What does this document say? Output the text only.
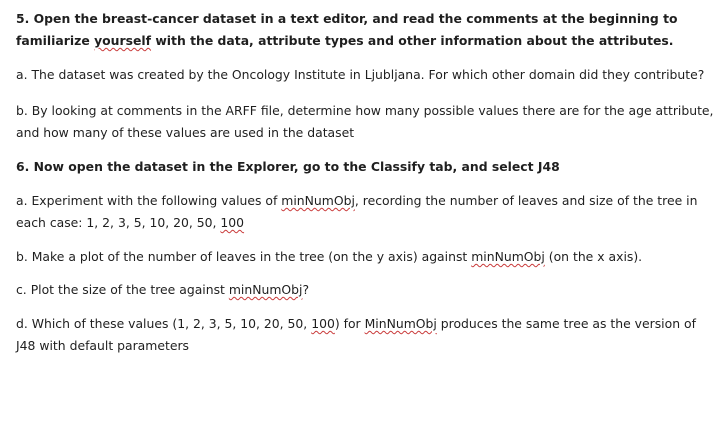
5. Open the breast-cancer dataset in a text editor, and read the comments at the beginning to familiarize yourself with the data, attribute types and other information about the attributes.

a. The dataset was created by the Oncology Institute in Ljubljana. For which other domain did they contribute?

b. By looking at comments in the ARFF file, determine how many possible values there are for the age attribute, and how many of these values are used in the dataset

6. Now open the dataset in the Explorer, go to the Classify tab, and select J48

a. Experiment with the following values of minNumObj, recording the number of leaves and size of the tree in each case: 1, 2, 3, 5, 10, 20, 50, 100

b. Make a plot of the number of leaves in the tree (on the y axis) against minNumObj (on the x axis).

c. Plot the size of the tree against minNumObj?

d. Which of these values (1, 2, 3, 5, 10, 20, 50, 100) for MinNumObj produces the same tree as the version of J48 with default parameters
